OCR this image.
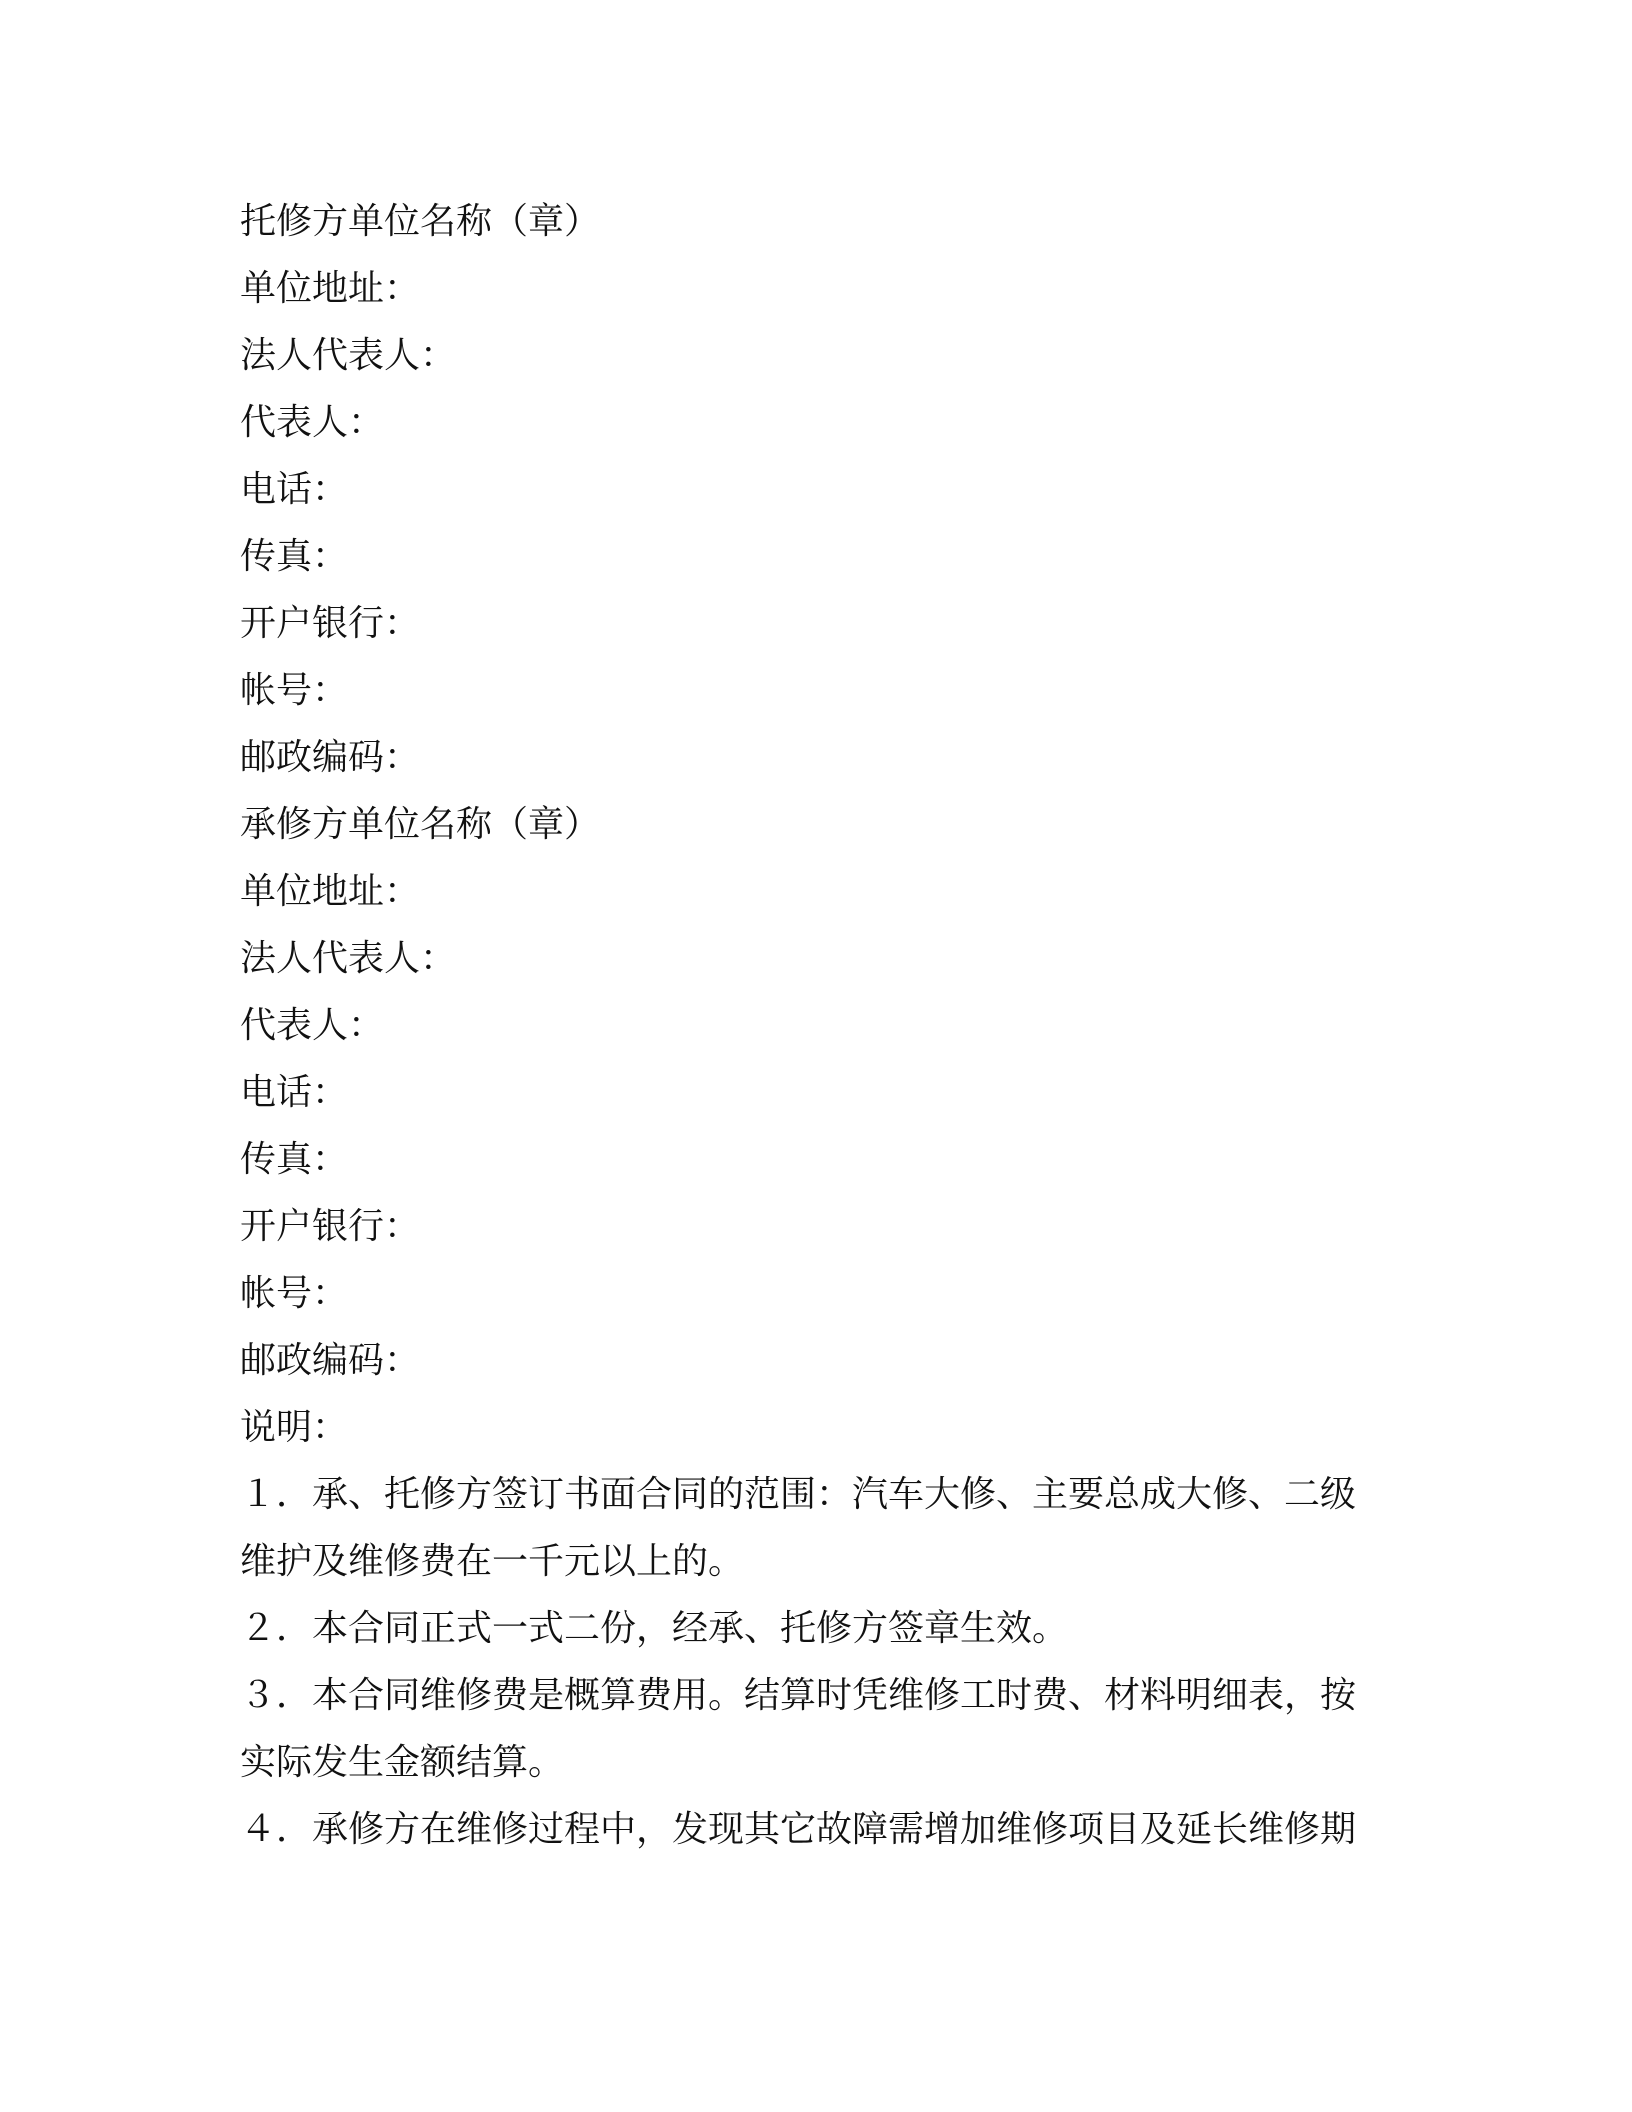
托修方单位名称（章）

单位地址：

法人代表人：

代表人：

电话：

传真：

开户银行：

帐号：

邮政编码：

承修方单位名称（章）

单位地址：

法人代表人：

代表人：

电话：

传真：

开户银行：

帐号：

邮政编码：

说明：

１．承、托修方签订书面合同的范围：汽车大修、主要总成大修、二级

维护及维修费在一千元以上的。

２．本合同正式一式二份，经承、托修方签章生效。

３．本合同维修费是概算费用。结算时凭维修工时费、材料明细表，按

实际发生金额结算。

４．承修方在维修过程中，发现其它故障需增加维修项目及延长维修期
